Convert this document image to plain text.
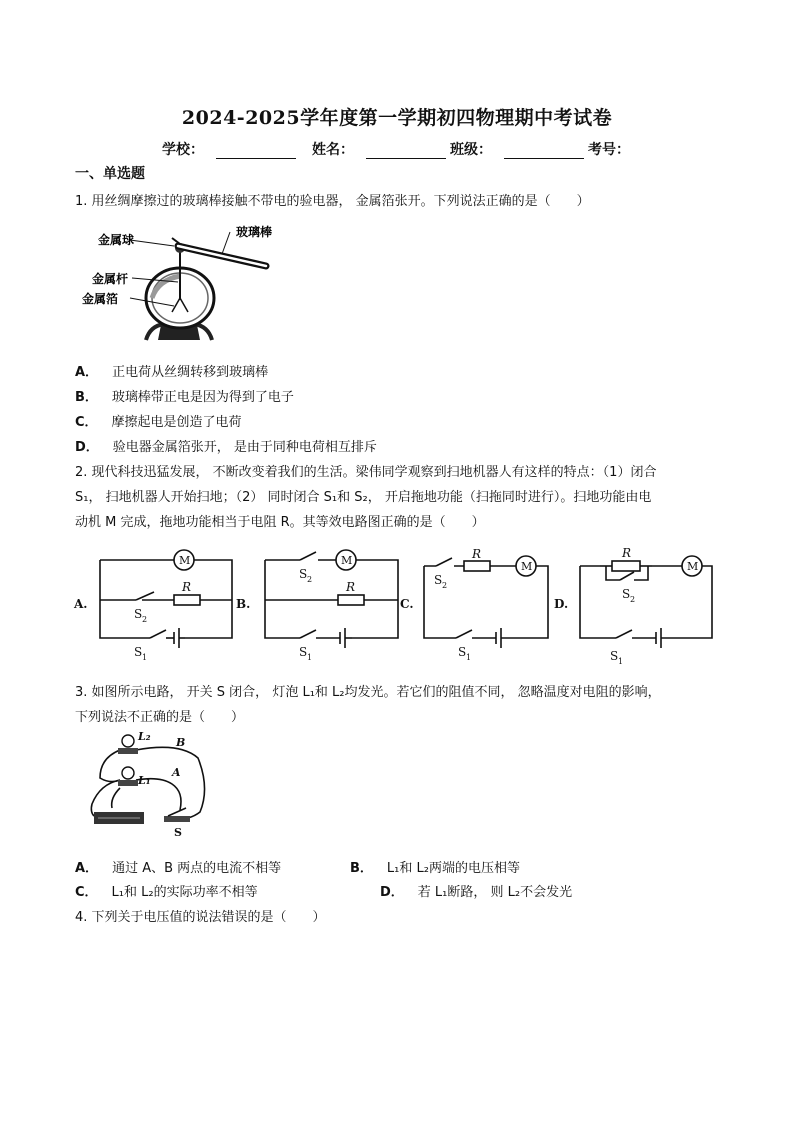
2024-2025学年度第一学期初四物理期中考试卷
学校：	姓名：	班级：	考号：
一、单选题
1. 用丝绸摩擦过的玻璃棒接触不带电的验电器， 金属箔张开。下列说法正确的是（　　）
金属球
玻璃棒
金属杆
金属箔
A． 正电荷从丝绸转移到玻璃棒
B． 玻璃棒带正电是因为得到了电子
C． 摩擦起电是创造了电荷
D． 验电器金属箔张开， 是由于同种电荷相互排斥
2. 现代科技迅猛发展， 不断改变着我们的生活。梁伟同学观察到扫地机器人有这样的特点：（1）闭合
S₁， 扫地机器人开始扫地；（2） 同时闭合 S₁和 S₂， 开启拖地功能（扫拖同时进行）。扫地功能由电
动机 M 完成，拖地功能相当于电阻 R。其等效电路图正确的是（　　）
A.	B.	C.	D.
M	M	M	M
R	R
R	R
S 2
S 1
S 2
S 1
S 2
S 1
S 2
S 1
3. 如图所示电路， 开关 S 闭合， 灯泡 L₁和 L₂均发光。若它们的阻值不同， 忽略温度对电阻的影响，
下列说法不正确的是（　　）
L₂ B
L₁
A
S
A． 通过 A、B 两点的电流不相等	B． L₁和 L₂两端的电压相等
C． L₁和 L₂的实际功率不相等	D． 若 L₁断路， 则 L₂不会发光
4. 下列关于电压值的说法错误的是（　　）
